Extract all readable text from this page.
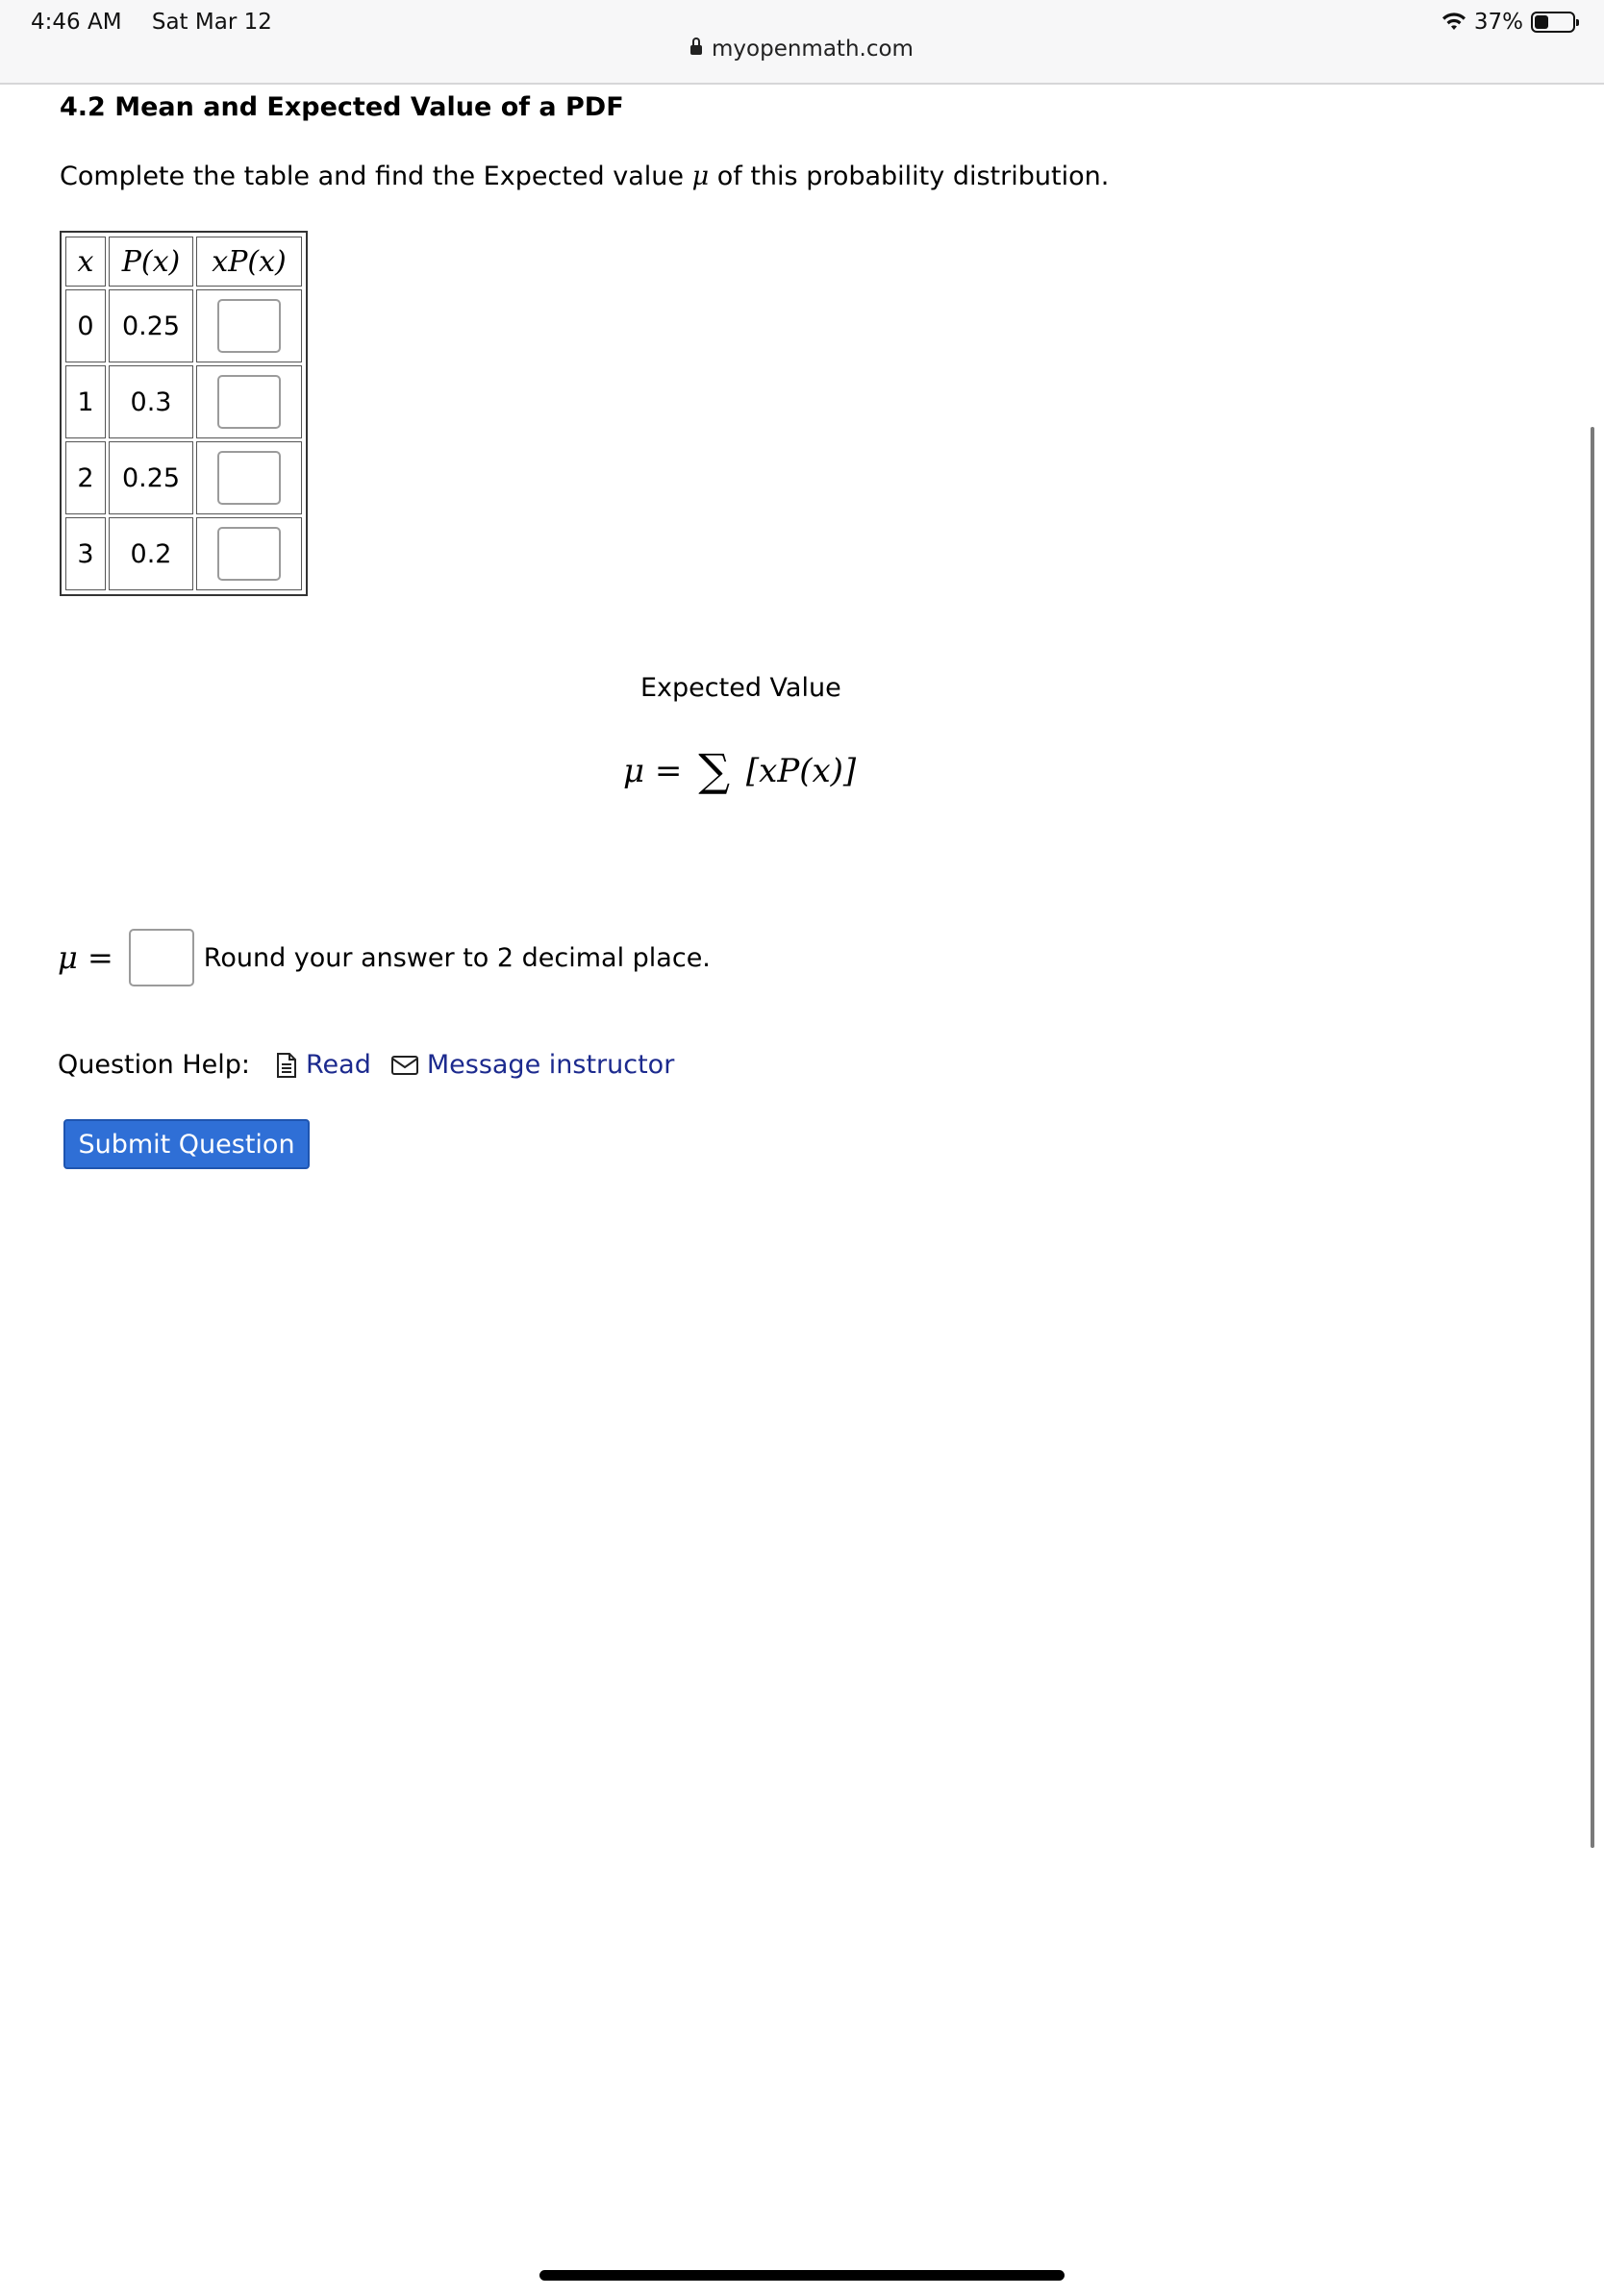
4:46 AM Sat Mar 12	37%
myopenmath.com
4.2 Mean and Expected Value of a PDF
Complete the table and find the Expected value μ of this probability distribution.
x	P(x)	xP(x)
0	0.25	
1	0.3	
2	0.25	
3	0.2	
Expected Value
μ = ∑ [xP(x)]
μ =	Round your answer to 2 decimal place.
Question Help: Read Message instructor
Submit Question
